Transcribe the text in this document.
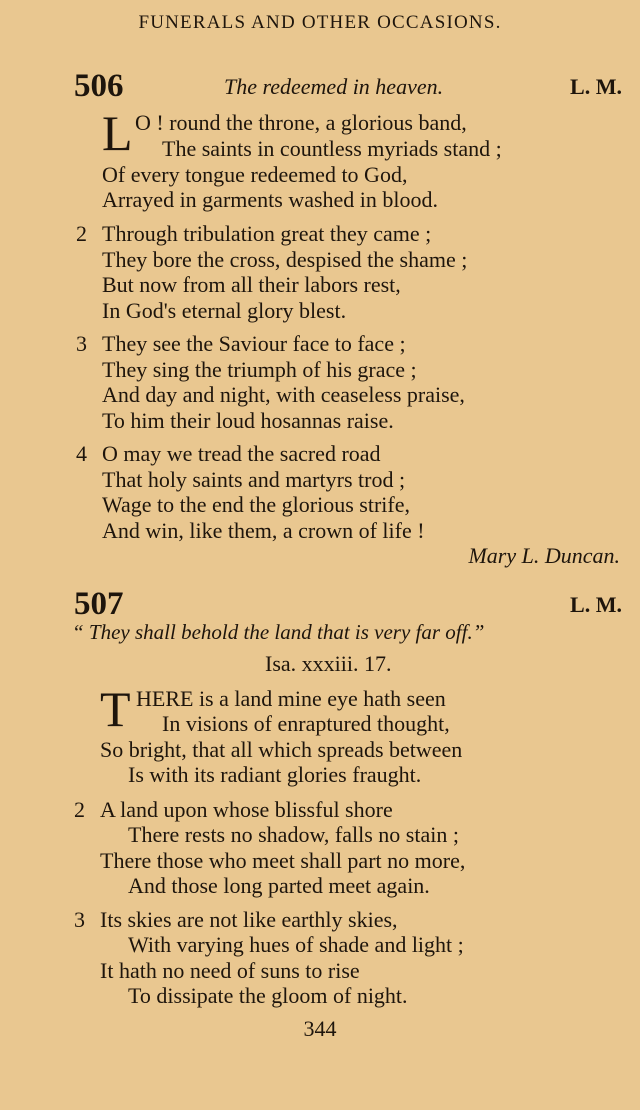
FUNERALS AND OTHER OCCASIONS.
506	The redeemed in heaven.	L. M.
L O ! round the throne, a glorious band,
The saints in countless myriads stand ;
Of every tongue redeemed to God,
Arrayed in garments washed in blood.
2 Through tribulation great they came ;
They bore the cross, despised the shame ;
But now from all their labors rest,
In God's eternal glory blest.
3 They see the Saviour face to face ;
They sing the triumph of his grace ;
And day and night, with ceaseless praise,
To him their loud hosannas raise.
4 O may we tread the sacred road
That holy saints and martyrs trod ;
Wage to the end the glorious strife,
And win, like them, a crown of life !
Mary L. Duncan.
507	L. M.
“ They shall behold the land that is very far off.”
Isa. xxxiii. 17.
T HERE is a land mine eye hath seen
In visions of enraptured thought,
So bright, that all which spreads between
Is with its radiant glories fraught.
2 A land upon whose blissful shore
There rests no shadow, falls no stain ;
There those who meet shall part no more,
And those long parted meet again.
3 Its skies are not like earthly skies,
With varying hues of shade and light ;
It hath no need of suns to rise
To dissipate the gloom of night.
344
